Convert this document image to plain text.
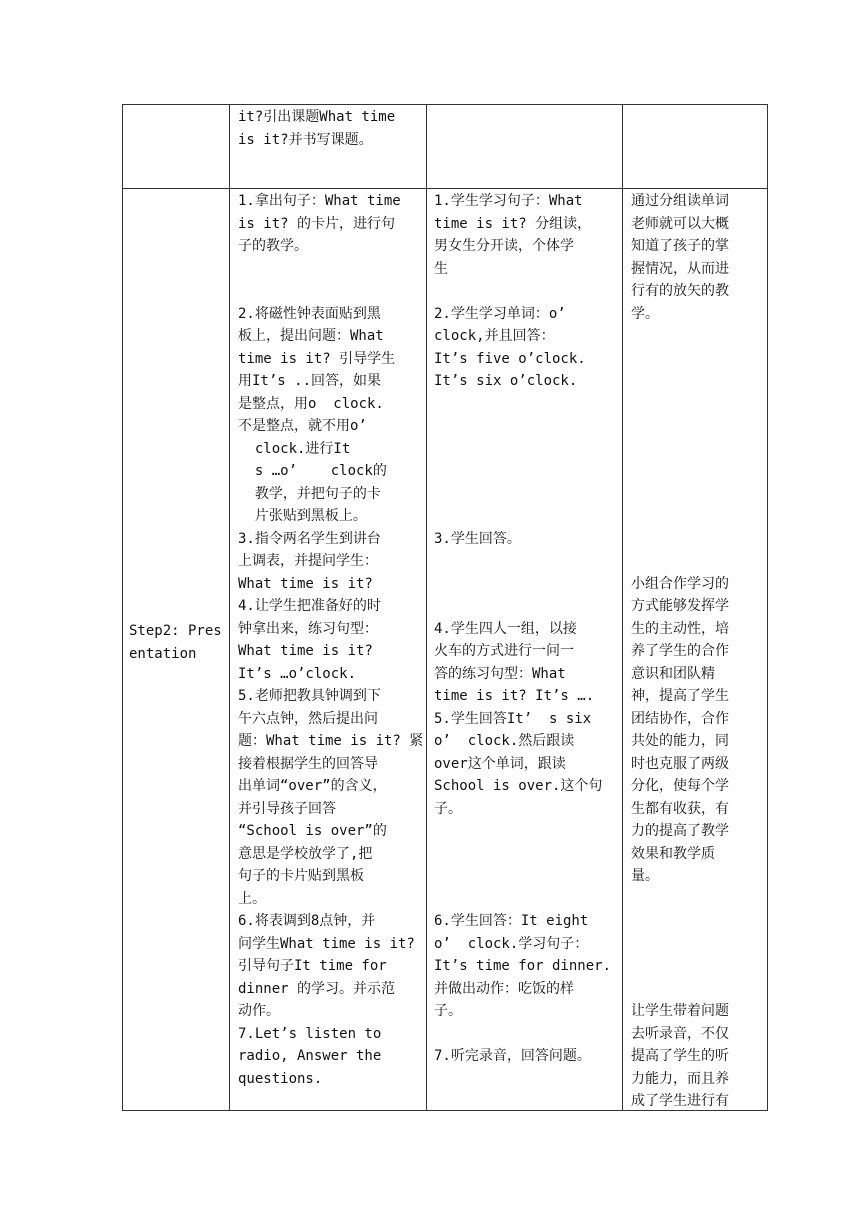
it?引出课题What time
is it?并书写课题。
Step2: Presentation
1.拿出句子：What time
is it? 的卡片，进行句
子的教学。
2.将磁性钟表面贴到黑
板上，提出问题：What
time is it? 引导学生
用It’s ..回答，如果
是整点，用o  clock.
不是整点，就不用o’
clock.进行It
s …o’    clock的
教学，并把句子的卡
片张贴到黑板上。
3.指令两名学生到讲台
上调表，并提问学生：
What time is it?
4.让学生把准备好的时
钟拿出来，练习句型：
What time is it?
It’s …o’clock.
5.老师把教具钟调到下
午六点钟，然后提出问
题：What time is it? 紧
接着根据学生的回答导
出单词“over”的含义，
并引导孩子回答
“School is over”的
意思是学校放学了,把
句子的卡片贴到黑板
上。
6.将表调到8点钟，并
问学生What time is it?
引导句子It time for
dinner 的学习。并示范
动作。
7.Let’s listen to
radio, Answer the
questions.
1.学生学习句子：What
time is it? 分组读，
男女生分开读，个体学
生
2.学生学习单词：o’
clock,并且回答：
It’s five o’clock.
It’s six o’clock.
3.学生回答。
4.学生四人一组，以接
火车的方式进行一问一
答的练习句型：What
time is it? It’s ….
5.学生回答It’  s six
o’  clock.然后跟读
over这个单词，跟读
School is over.这个句
子。
6.学生回答：It eight
o’  clock.学习句子：
It’s time for dinner.
并做出动作：吃饭的样
子。
7.听完录音，回答问题。
通过分组读单词
老师就可以大概
知道了孩子的掌
握情况，从而进
行有的放矢的教
学。
小组合作学习的
方式能够发挥学
生的主动性，培
养了学生的合作
意识和团队精
神，提高了学生
团结协作，合作
共处的能力，同
时也克服了两级
分化，使每个学
生都有收获，有
力的提高了教学
效果和教学质
量。
让学生带着问题
去听录音，不仅
提高了学生的听
力能力，而且养
成了学生进行有
